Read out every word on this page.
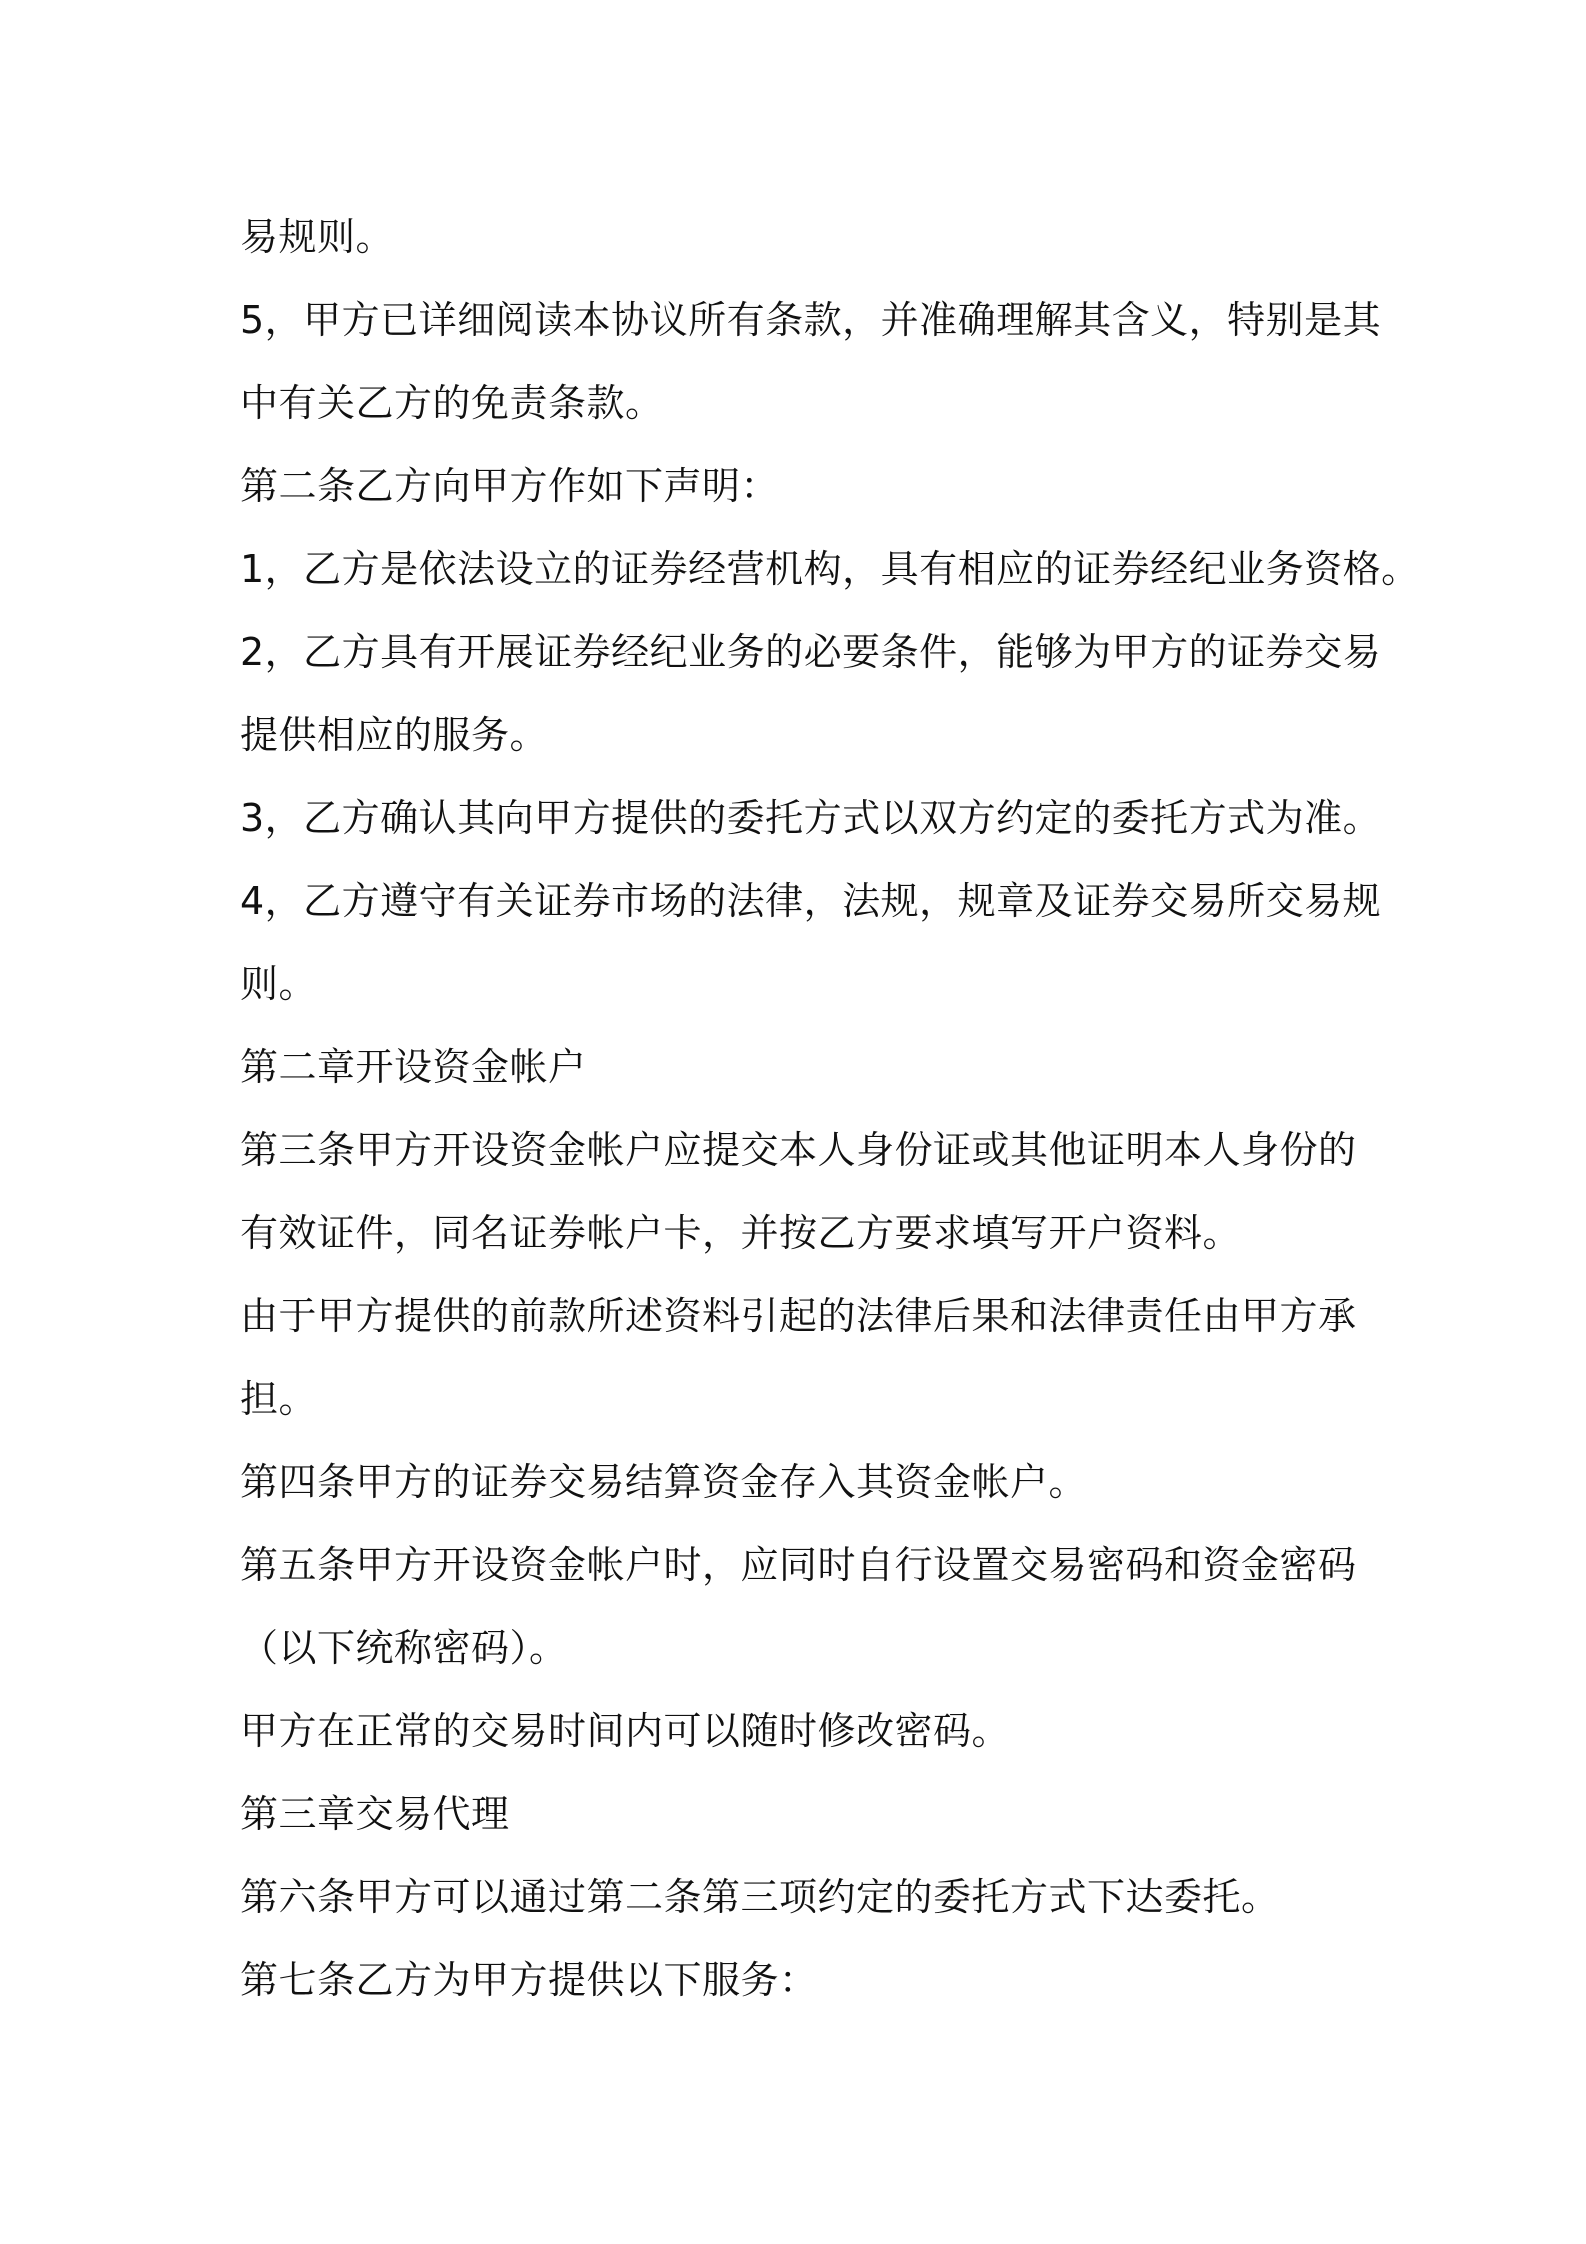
易规则。
5，甲方已详细阅读本协议所有条款，并准确理解其含义，特别是其
中有关乙方的免责条款。
第二条乙方向甲方作如下声明：
1，乙方是依法设立的证券经营机构，具有相应的证券经纪业务资格。
2，乙方具有开展证券经纪业务的必要条件，能够为甲方的证券交易
提供相应的服务。
3，乙方确认其向甲方提供的委托方式以双方约定的委托方式为准。
4，乙方遵守有关证券市场的法律，法规，规章及证券交易所交易规
则。
第二章开设资金帐户
第三条甲方开设资金帐户应提交本人身份证或其他证明本人身份的
有效证件，同名证券帐户卡，并按乙方要求填写开户资料。
由于甲方提供的前款所述资料引起的法律后果和法律责任由甲方承
担。
第四条甲方的证券交易结算资金存入其资金帐户。
第五条甲方开设资金帐户时，应同时自行设置交易密码和资金密码
（以下统称密码）。
甲方在正常的交易时间内可以随时修改密码。
第三章交易代理
第六条甲方可以通过第二条第三项约定的委托方式下达委托。
第七条乙方为甲方提供以下服务：
